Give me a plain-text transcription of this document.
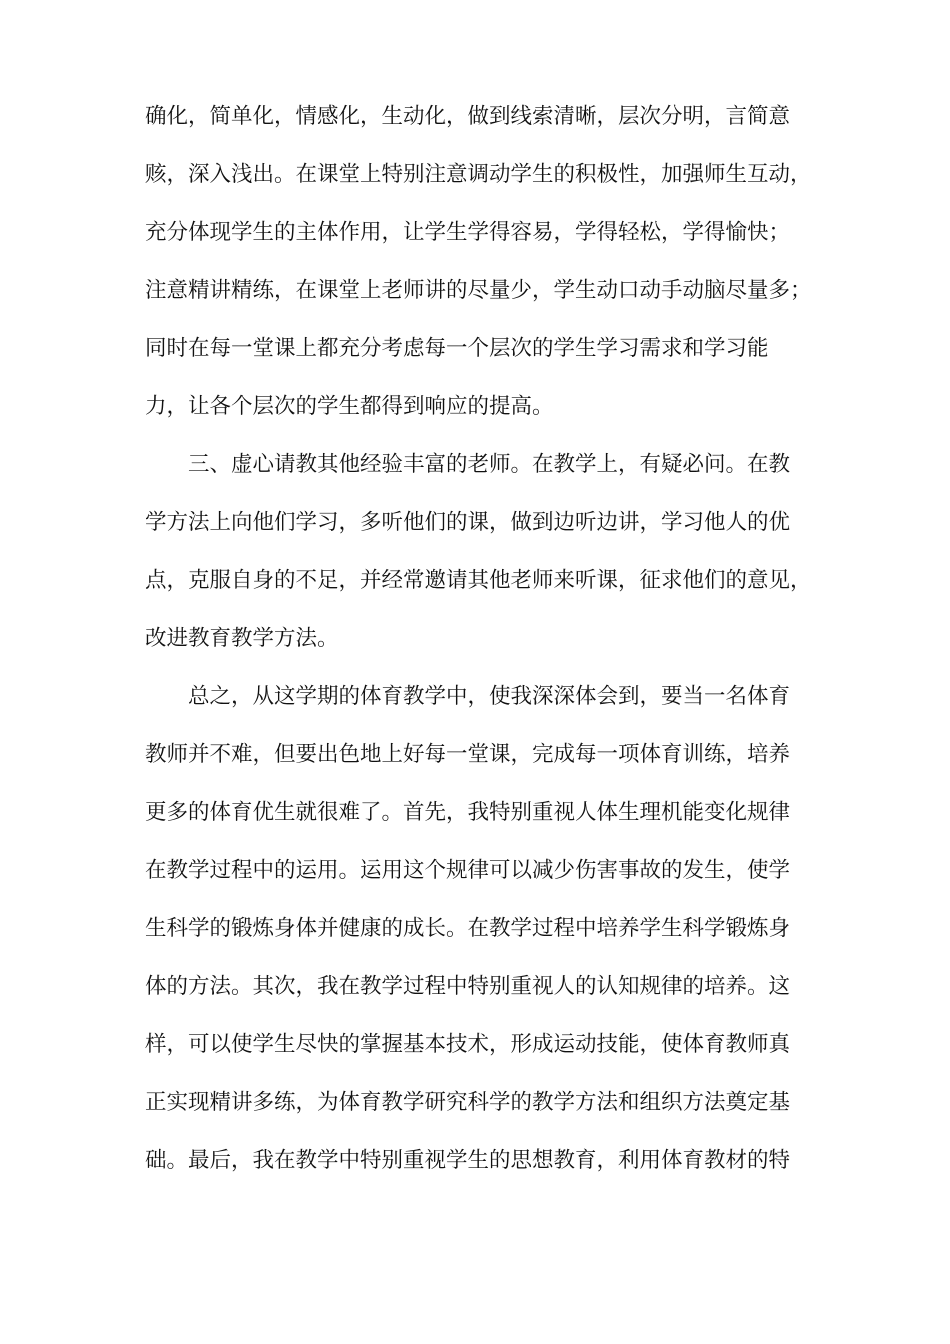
确化，简单化，情感化，生动化，做到线索清晰，层次分明，言简意
赅，深入浅出。在课堂上特别注意调动学生的积极性，加强师生互动，
充分体现学生的主体作用，让学生学得容易，学得轻松，学得愉快；
注意精讲精练，在课堂上老师讲的尽量少，学生动口动手动脑尽量多；
同时在每一堂课上都充分考虑每一个层次的学生学习需求和学习能
力，让各个层次的学生都得到响应的提高。
三、虚心请教其他经验丰富的老师。在教学上，有疑必问。在教
学方法上向他们学习，多听他们的课，做到边听边讲，学习他人的优
点，克服自身的不足，并经常邀请其他老师来听课，征求他们的意见，
改进教育教学方法。
总之，从这学期的体育教学中，使我深深体会到，要当一名体育
教师并不难，但要出色地上好每一堂课，完成每一项体育训练，培养
更多的体育优生就很难了。首先，我特别重视人体生理机能变化规律
在教学过程中的运用。运用这个规律可以减少伤害事故的发生，使学
生科学的锻炼身体并健康的成长。在教学过程中培养学生科学锻炼身
体的方法。其次，我在教学过程中特别重视人的认知规律的培养。这
样，可以使学生尽快的掌握基本技术，形成运动技能，使体育教师真
正实现精讲多练，为体育教学研究科学的教学方法和组织方法奠定基
础。最后，我在教学中特别重视学生的思想教育，利用体育教材的特
